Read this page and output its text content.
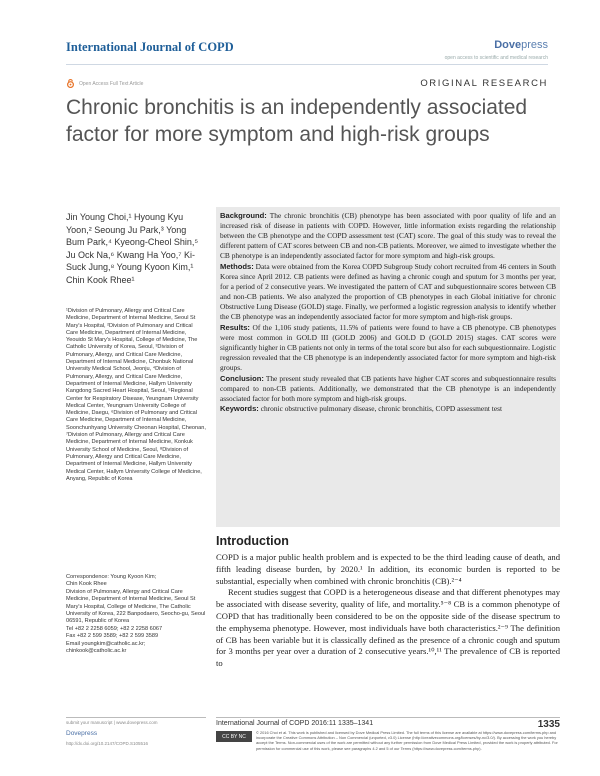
International Journal of COPD	Dovepress
open access to scientific and medical research
Open Access Full Text Article	ORIGINAL RESEARCH
Chronic bronchitis is an independently associated factor for more symptom and high-risk groups
Jin Young Choi,¹ Hyoung Kyu Yoon,² Seoung Ju Park,³ Yong Bum Park,⁴ Kyeong-Cheol Shin,⁵ Ju Ock Na,⁶ Kwang Ha Yoo,⁷ Ki-Suck Jung,⁸ Young Kyoon Kim,¹ Chin Kook Rhee¹
¹Division of Pulmonary, Allergy and Critical Care Medicine, Department of Internal Medicine, Seoul St Mary's Hospital, ²Division of Pulmonary and Critical Care Medicine, Department of Internal Medicine, Yeouido St Mary's Hospital, College of Medicine, The Catholic University of Korea, Seoul, ³Division of Pulmonary, Allergy, and Critical Care Medicine, Department of Internal Medicine, Chonbuk National University Medical School, Jeonju, ⁴Division of Pulmonary, Allergy, and Critical Care Medicine, Department of Internal Medicine, Hallym University Kangdong Sacred Heart Hospital, Seoul, ⁵Regional Center for Respiratory Disease, Yeungnam University Medical Center, Yeungnam University College of Medicine, Daegu, ⁶Division of Pulmonary and Critical Care Medicine, Department of Internal Medicine, Soonchunhyang University Cheonan Hospital, Cheonan, ⁷Division of Pulmonary, Allergy and Critical Care Medicine, Department of Internal Medicine, Konkuk University School of Medicine, Seoul, ⁸Division of Pulmonary, Allergy and Critical Care Medicine, Department of Internal Medicine, Hallym University Medical Center, Hallym University College of Medicine, Anyang, Republic of Korea

Correspondence: Young Kyoon Kim;

Chin Kook Rhee

Division of Pulmonary, Allergy and Critical Care Medicine, Department of Internal Medicine, Seoul St Mary's Hospital, College of Medicine, The Catholic University of Korea, 222 Banpodaero, Seocho-gu, Seoul 06591, Republic of Korea

Tel +82 2 2258 6059; +82 2 2258 6067

Fax +82 2 599 3589; +82 2 599 3589

Email youngkim@catholic.ac.kr;

chinkook@catholic.ac.kr

Background: The chronic bronchitis (CB) phenotype has been associated with poor quality of life and an increased risk of disease in patients with COPD. However, little information exists regarding the relationship between the CB phenotype and the COPD assessment test (CAT) score. The goal of this study was to reveal the different pattern of CAT scores between CB and non-CB patients. Moreover, we aimed to investigate whether the CB phenotype is an independently associated factor for more symptom and high-risk groups.

Methods: Data were obtained from the Korea COPD Subgroup Study cohort recruited from 46 centers in South Korea since April 2012. CB patients were defined as having a chronic cough and sputum for 3 months per year, for a period of 2 consecutive years. We investigated the pattern of CAT and subquestionnaire scores between CB and non-CB patients. We also analyzed the proportion of CB phenotypes in each Global initiative for chronic Obstructive Lung Disease (GOLD) stage. Finally, we performed a logistic regression analysis to identify whether the CB phenotype was an independently associated factor for more symptom and high-risk groups.

Results: Of the 1,106 study patients, 11.5% of patients were found to have a CB phenotype. CB phenotypes were most common in GOLD III (GOLD 2006) and GOLD D (GOLD 2015) stages. CAT scores were significantly higher in CB patients not only in terms of the total score but also for each subquestionnaire. Logistic regression revealed that the CB phenotype is an independently associated factor for more symptom and high-risk groups.

Conclusion: The present study revealed that CB patients have higher CAT scores and subquestionnaire results compared to non-CB patients. Additionally, we demonstrated that the CB phenotype is an independently associated factor for both more symptom and high-risk groups.

Keywords: chronic obstructive pulmonary disease, chronic bronchitis, COPD assessment test

Introduction

COPD is a major public health problem and is expected to be the third leading cause of death, and fifth leading disease burden, by 2020.¹ In addition, its economic burden is reported to be substantial, especially when combined with chronic bronchitis (CB).²⁻⁴

Recent studies suggest that COPD is a heterogeneous disease and that different phenotypes may be associated with disease severity, quality of life, and mortality.⁵⁻⁸ CB is a common phenotype of COPD that has traditionally been considered to be on the opposite side of the disease spectrum to the emphysema phenotype. However, most individuals have both characteristics.²⁻⁹ The definition of CB has been variable but it is classically defined as the presence of a chronic cough and sputum for 3 months per year over a duration of 2 consecutive years.¹⁰,¹¹ The prevalence of CB is reported to

submit your manuscript | www.dovepress.com
Dovepress
http://dx.doi.org/10.2147/COPD.S105516
International Journal of COPD 2016:11 1335–1341	1335
CC BY NC
© 2016 Choi et al. This work is published and licensed by Dove Medical Press Limited. The full terms of this license are available at https://www.dovepress.com/terms.php and incorporate the Creative Commons Attribution – Non Commercial (unported, v3.0) License (http://creativecommons.org/licenses/by-nc/3.0/). By accessing the work you hereby accept the Terms. Non-commercial uses of the work are permitted without any further permission from Dove Medical Press Limited, provided the work is properly attributed. For permission for commercial use of this work, please see paragraphs 4.2 and 5 of our Terms (https://www.dovepress.com/terms.php).
